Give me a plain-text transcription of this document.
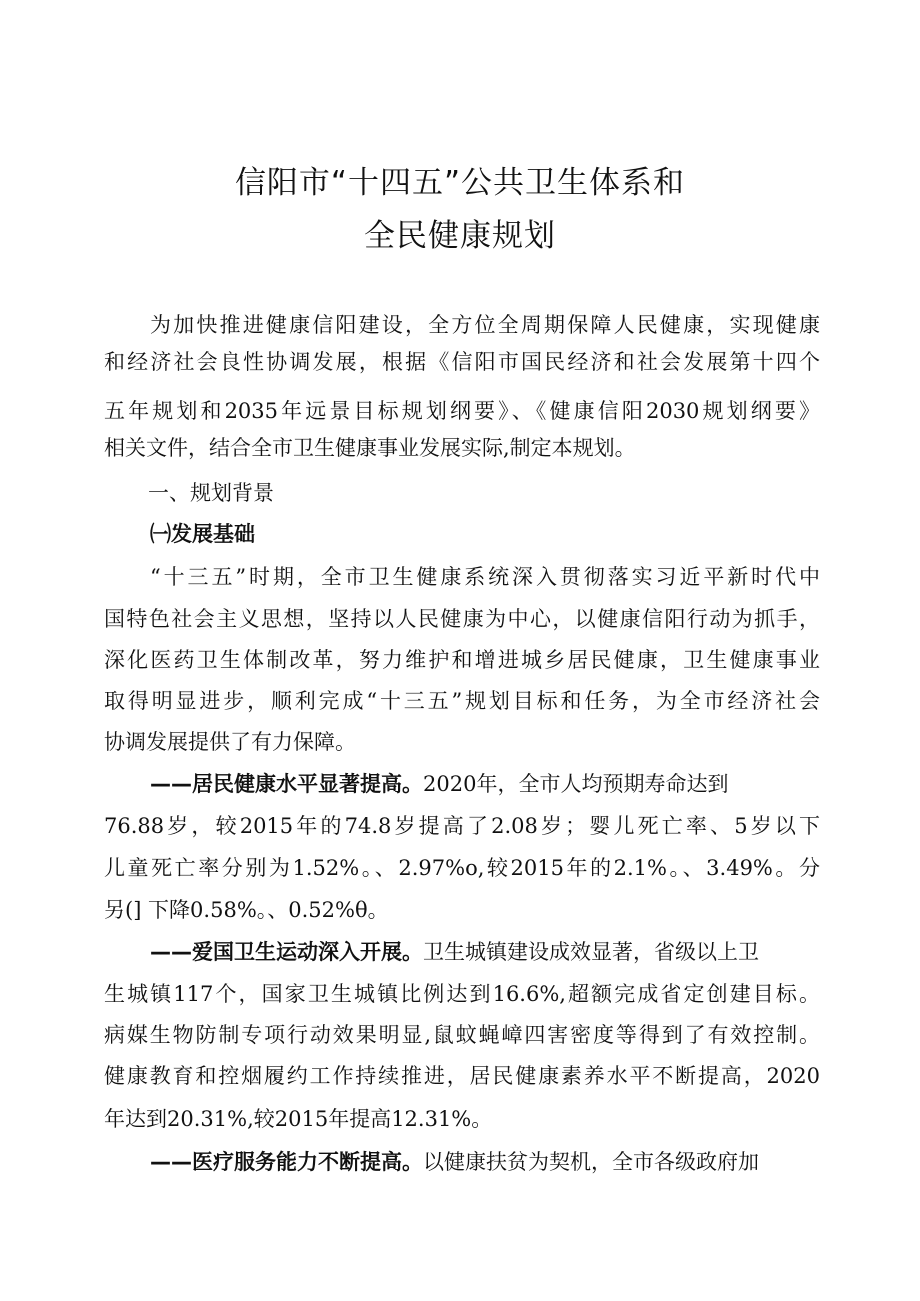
信阳市“十四五”公共卫生体系和
全民健康规划
为加快推进健康信阳建设，全方位全周期保障人民健康，实现健康
和经济社会良性协调发展，根据《信阳市国民经济和社会发展第十四个
五年规划和2035年远景目标规划纲要》、《健康信阳2030规划纲要》
相关文件，结合全市卫生健康事业发展实际,制定本规划。
一、规划背景
㈠发展基础
“十三五”时期，全市卫生健康系统深入贯彻落实习近平新时代中
国特色社会主义思想，坚持以人民健康为中心，以健康信阳行动为抓手，
深化医药卫生体制改革，努力维护和增进城乡居民健康，卫生健康事业
取得明显进步，顺利完成“十三五”规划目标和任务，为全市经济社会
协调发展提供了有力保障。
——居民健康水平显著提高。2020年，全市人均预期寿命达到
76.88岁，较2015年的74.8岁提高了2.08岁；婴儿死亡率、5岁以下
儿童死亡率分别为1.52%。、2.97%o,较2015年的2.1%。、3.49%。分
另(] 下降0.58%。、0.52%θ。
——爱国卫生运动深入开展。卫生城镇建设成效显著，省级以上卫
生城镇117个，国家卫生城镇比例达到16.6%,超额完成省定创建目标。
病媒生物防制专项行动效果明显,鼠蚊蝇嶂四害密度等得到了有效控制。
健康教育和控烟履约工作持续推进，居民健康素养水平不断提高，2020
年达到20.31%,较2015年提高12.31%。
——医疗服务能力不断提高。以健康扶贫为契机，全市各级政府加
